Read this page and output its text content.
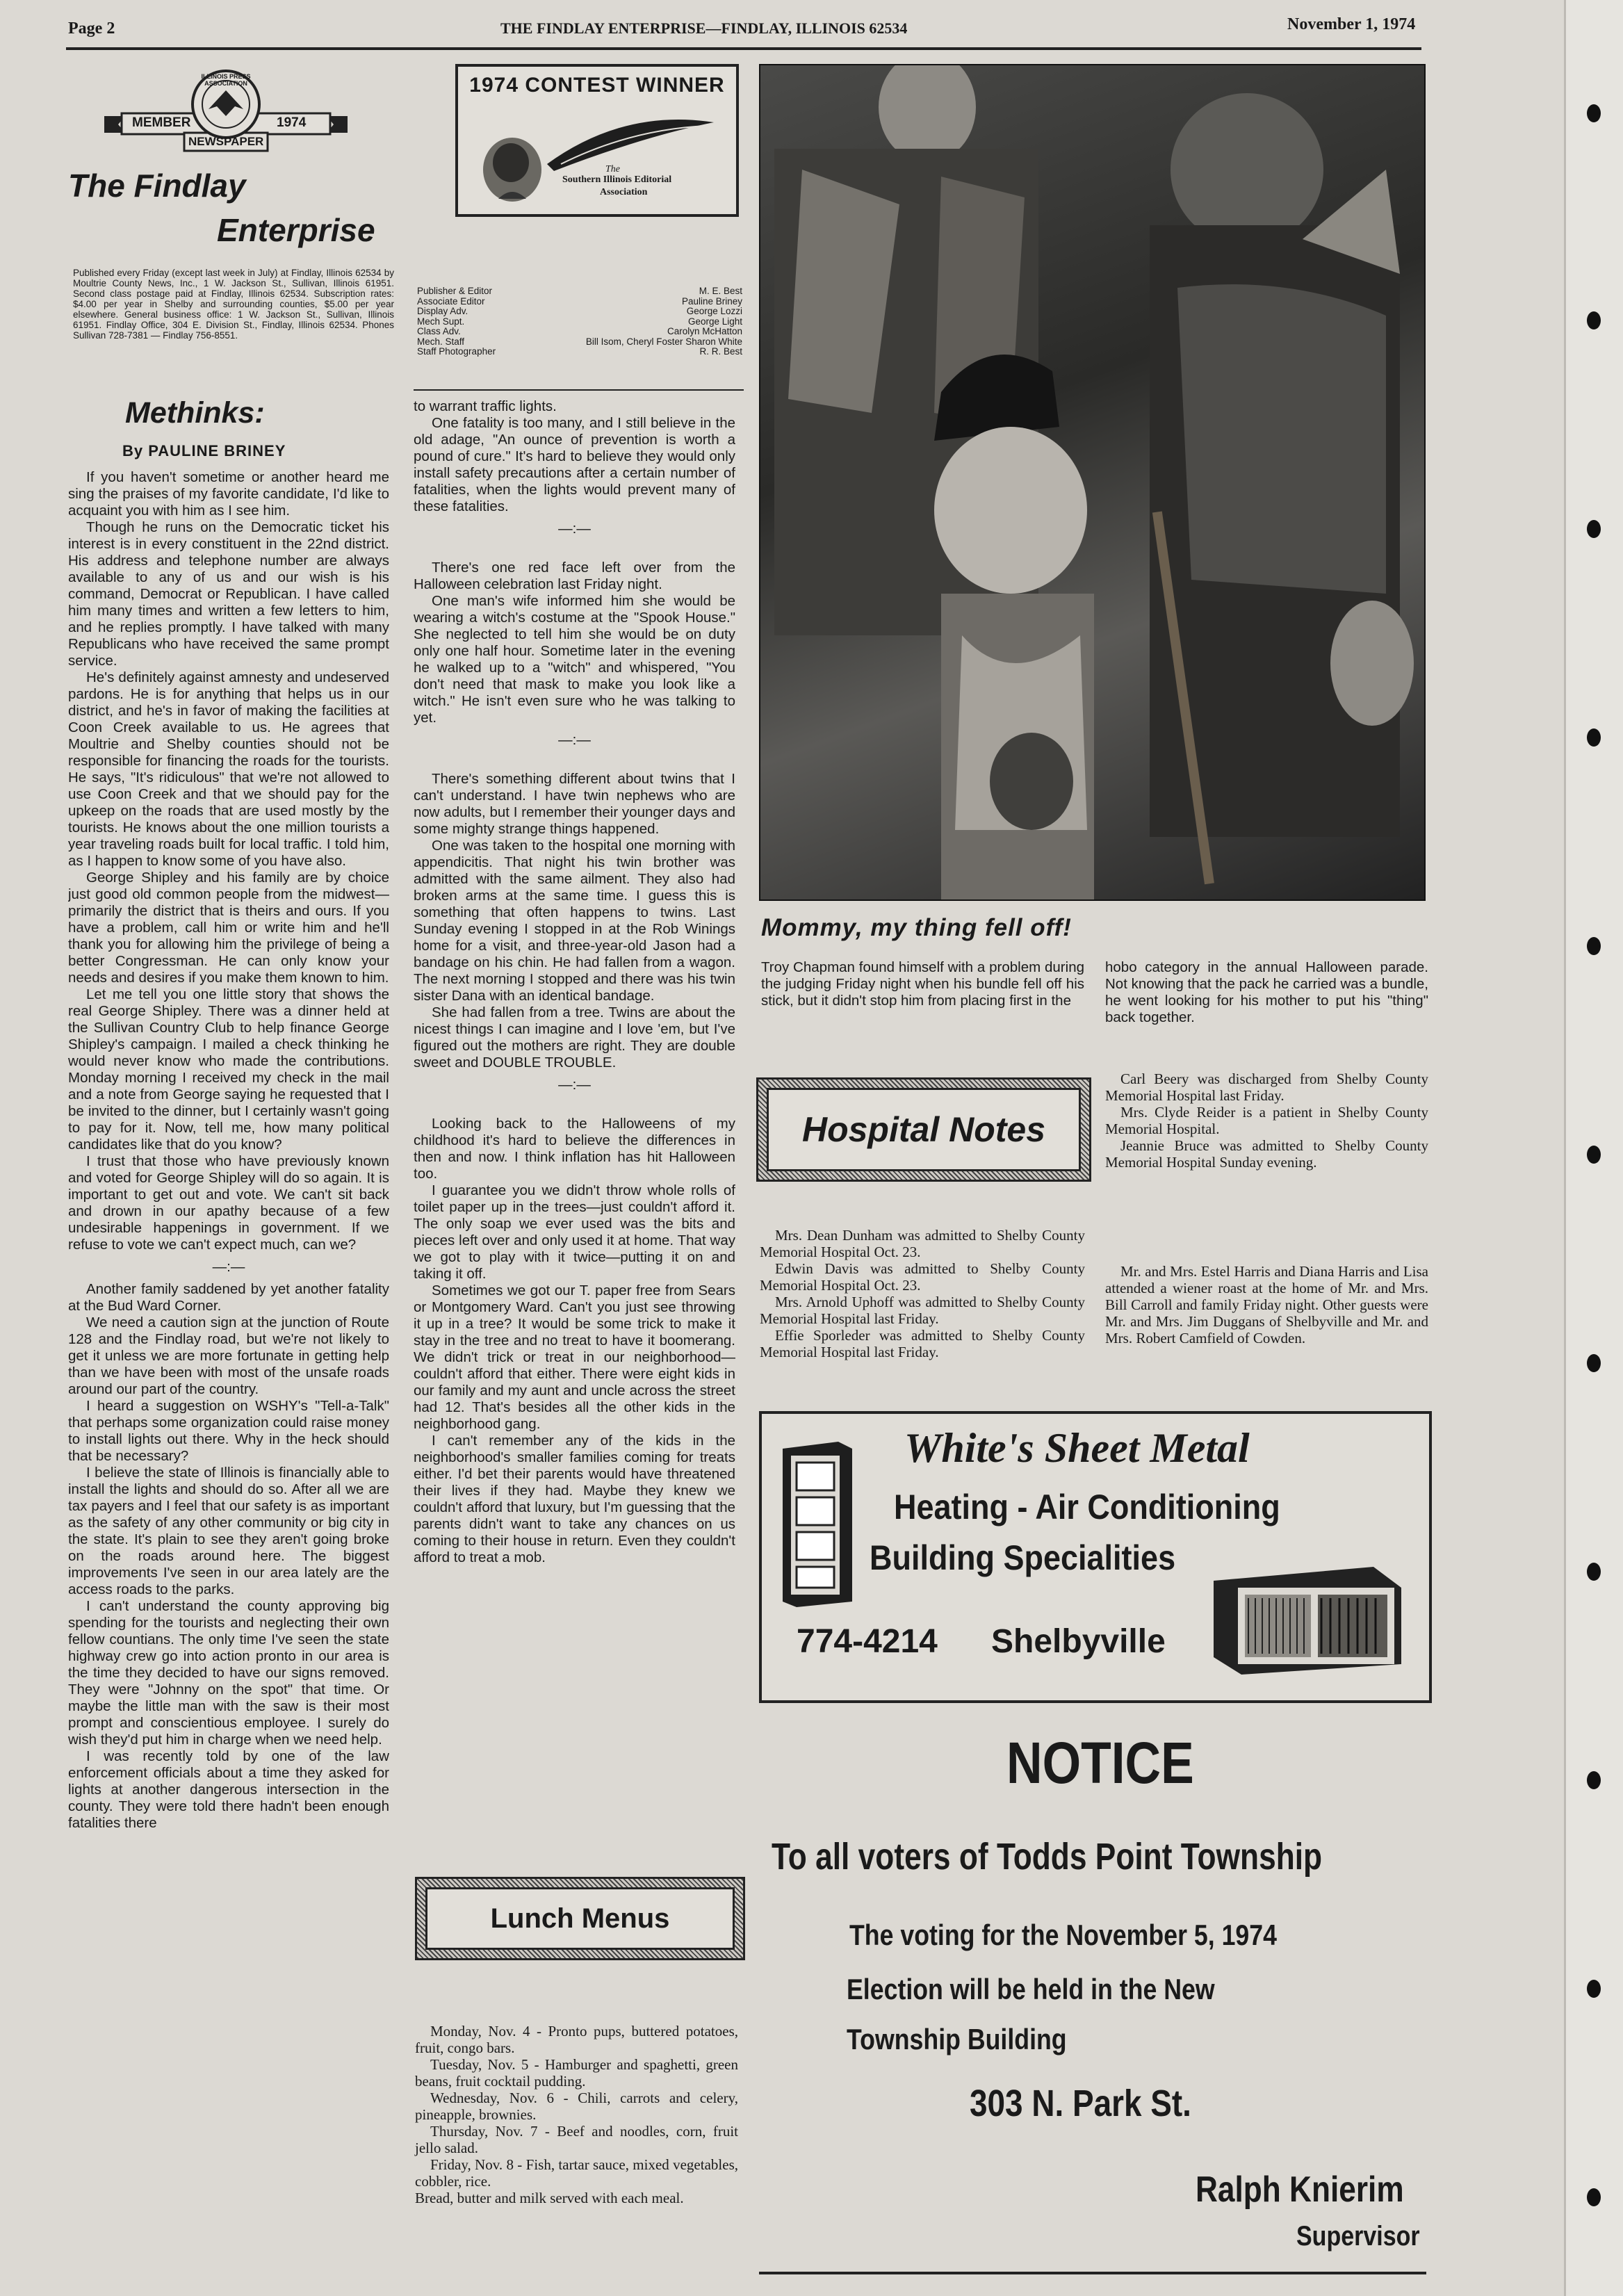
Page 2	THE FINDLAY ENTERPRISE—FINDLAY, ILLINOIS 62534	November 1, 1974
MEMBER	1974
NEWSPAPER
ILLINOIS PRESS ASSOCIATION
The Findlay
Enterprise
Published every Friday (except last week in July) at Findlay, Illinois 62534 by Moultrie County News, Inc., 1 W. Jackson St., Sullivan, Illinois 61951. Second class postage paid at Findlay, Illinois 62534. Subscription rates: $4.00 per year in Shelby and surrounding counties, $5.00 per year elsewhere. General business office: 1 W. Jackson St., Sullivan, Illinois 61951. Findlay Office, 304 E. Division St., Findlay, Illinois 62534. Phones Sullivan 728-7381 — Findlay 756-8551.
1974 CONTEST WINNER
The
Southern Illinois Editorial
Association
Publisher & Editor	M. E. Best
Associate Editor	Pauline Briney
Display Adv.	George Lozzi
Mech Supt.	George Light
Class Adv.	Carolyn McHatton
Mech. Staff	Bill Isom, Cheryl Foster Sharon White
Staff Photographer	R. R. Best
Methinks:
By PAULINE BRINEY

If you haven't sometime or another heard me sing the praises of my favorite candidate, I'd like to acquaint you with him as I see him.

Though he runs on the Democratic ticket his interest is in every constituent in the 22nd district. His address and telephone number are always available to any of us and our wish is his command, Democrat or Republican. I have called him many times and written a few letters to him, and he replies promptly. I have talked with many Republicans who have received the same prompt service.

He's definitely against amnesty and undeserved pardons. He is for anything that helps us in our district, and he's in favor of making the facilities at Coon Creek available to us. He agrees that Moultrie and Shelby counties should not be responsible for financing the roads for the tourists. He says, "It's ridiculous" that we're not allowed to use Coon Creek and that we should pay for the upkeep on the roads that are used mostly by the tourists. He knows about the one million tourists a year traveling roads built for local traffic. I told him, as I happen to know some of you have also.

George Shipley and his family are by choice just good old common people from the midwest—primarily the district that is theirs and ours. If you have a problem, call him or write him and he'll thank you for allowing him the privilege of being a better Congressman. He can only know your needs and desires if you make them known to him.

Let me tell you one little story that shows the real George Shipley. There was a dinner held at the Sullivan Country Club to help finance George Shipley's campaign. I mailed a check thinking he would never know who made the contributions. Monday morning I received my check in the mail and a note from George saying he requested that I be invited to the dinner, but I certainly wasn't going to pay for it. Now, tell me, how many political candidates like that do you know?

I trust that those who have previously known and voted for George Shipley will do so again. It is important to get out and vote. We can't sit back and drown in our apathy because of a few undesirable happenings in government. If we refuse to vote we can't expect much, can we?

—:—

Another family saddened by yet another fatality at the Bud Ward Corner.

We need a caution sign at the junction of Route 128 and the Findlay road, but we're not likely to get it unless we are more fortunate in getting help than we have been with most of the unsafe roads around our part of the country.

I heard a suggestion on WSHY's "Tell-a-Talk" that perhaps some organization could raise money to install lights out there. Why in the heck should that be necessary?

I believe the state of Illinois is financially able to install the lights and should do so. After all we are tax payers and I feel that our safety is as important as the safety of any other community or big city in the state. It's plain to see they aren't going broke on the roads around here. The biggest improvements I've seen in our area lately are the access roads to the parks.

I can't understand the county approving big spending for the tourists and neglecting their own fellow countians. The only time I've seen the state highway crew go into action pronto in our area is the time they decided to have our signs removed. They were "Johnny on the spot" that time. Or maybe the little man with the saw is their most prompt and conscientious employee. I surely do wish they'd put him in charge when we need help.

I was recently told by one of the law enforcement officials about a time they asked for lights at another dangerous intersection in the county. They were told there hadn't been enough fatalities there

to warrant traffic lights.

One fatality is too many, and I still believe in the old adage, "An ounce of prevention is worth a pound of cure." It's hard to believe they would only install safety precautions after a certain number of fatalities, when the lights would prevent many of these fatalities.

—:—

There's one red face left over from the Halloween celebration last Friday night.

One man's wife informed him she would be wearing a witch's costume at the "Spook House." She neglected to tell him she would be on duty only one half hour. Sometime later in the evening he walked up to a "witch" and whispered, "You don't need that mask to make you look like a witch." He isn't even sure who he was talking to yet.

—:—

There's something different about twins that I can't understand. I have twin nephews who are now adults, but I remember their younger days and some mighty strange things happened.

One was taken to the hospital one morning with appendicitis. That night his twin brother was admitted with the same ailment. They also had broken arms at the same time. I guess this is something that often happens to twins. Last Sunday evening I stopped in at the Rob Winings home for a visit, and three-year-old Jason had a bandage on his chin. He had fallen from a wagon. The next morning I stopped and there was his twin sister Dana with an identical bandage.

She had fallen from a tree. Twins are about the nicest things I can imagine and I love 'em, but I've figured out the mothers are right. They are double sweet and DOUBLE TROUBLE.

—:—

Looking back to the Halloweens of my childhood it's hard to believe the differences in then and now. I think inflation has hit Halloween too.

I guarantee you we didn't throw whole rolls of toilet paper up in the trees—just couldn't afford it. The only soap we ever used was the bits and pieces left over and only used it at home. That way we got to play with it twice—putting it on and taking it off.

Sometimes we got our T. paper free from Sears or Montgomery Ward. Can't you just see throwing it up in a tree? It would be some trick to make it stay in the tree and no treat to have it boomerang. We didn't trick or treat in our neighborhood—couldn't afford that either. There were eight kids in our family and my aunt and uncle across the street had 12. That's besides all the other kids in the neighborhood gang.

I can't remember any of the kids in the neighborhood's smaller families coming for treats either. I'd bet their parents would have threatened their lives if they had. Maybe they knew we couldn't afford that luxury, but I'm guessing that the parents didn't want to take any chances on us coming to their house in return. Even they couldn't afford to treat a mob.

Lunch Menus

Monday, Nov. 4 - Pronto pups, buttered potatoes, fruit, congo bars.

Tuesday, Nov. 5 - Hamburger and spaghetti, green beans, fruit cocktail pudding.

Wednesday, Nov. 6 - Chili, carrots and celery, pineapple, brownies.

Thursday, Nov. 7 - Beef and noodles, corn, fruit jello salad.

Friday, Nov. 8 - Fish, tartar sauce, mixed vegetables, cobbler, rice.

Bread, butter and milk served with each meal.

Mommy, my thing fell off!

Troy Chapman found himself with a problem during the judging Friday night when his bundle fell off his stick, but it didn't stop him from placing first in the

hobo category in the annual Halloween parade. Not knowing that the pack he carried was a bundle, he went looking for his mother to put his "thing" back together.

Hospital Notes

Mrs. Dean Dunham was admitted to Shelby County Memorial Hospital Oct. 23.

Edwin Davis was admitted to Shelby County Memorial Hospital Oct. 23.

Mrs. Arnold Uphoff was admitted to Shelby County Memorial Hospital last Friday.

Effie Sporleder was admitted to Shelby County Memorial Hospital last Friday.

Carl Beery was discharged from Shelby County Memorial Hospital last Friday.

Mrs. Clyde Reider is a patient in Shelby County Memorial Hospital.

Jeannie Bruce was admitted to Shelby County Memorial Hospital Sunday evening.

Mr. and Mrs. Estel Harris and Diana Harris and Lisa attended a wiener roast at the home of Mr. and Mrs. Bill Carroll and family Friday night. Other guests were Mr. and Mrs. Jim Duggans of Shelbyville and Mr. and Mrs. Robert Camfield of Cowden.

White's Sheet Metal
Heating - Air Conditioning
Building Specialities
774-4214 Shelbyville
NOTICE
To all voters of Todds Point Township
The voting for the November 5, 1974
Election will be held in the New
Township Building
303 N. Park St.
Ralph Knierim
Supervisor
